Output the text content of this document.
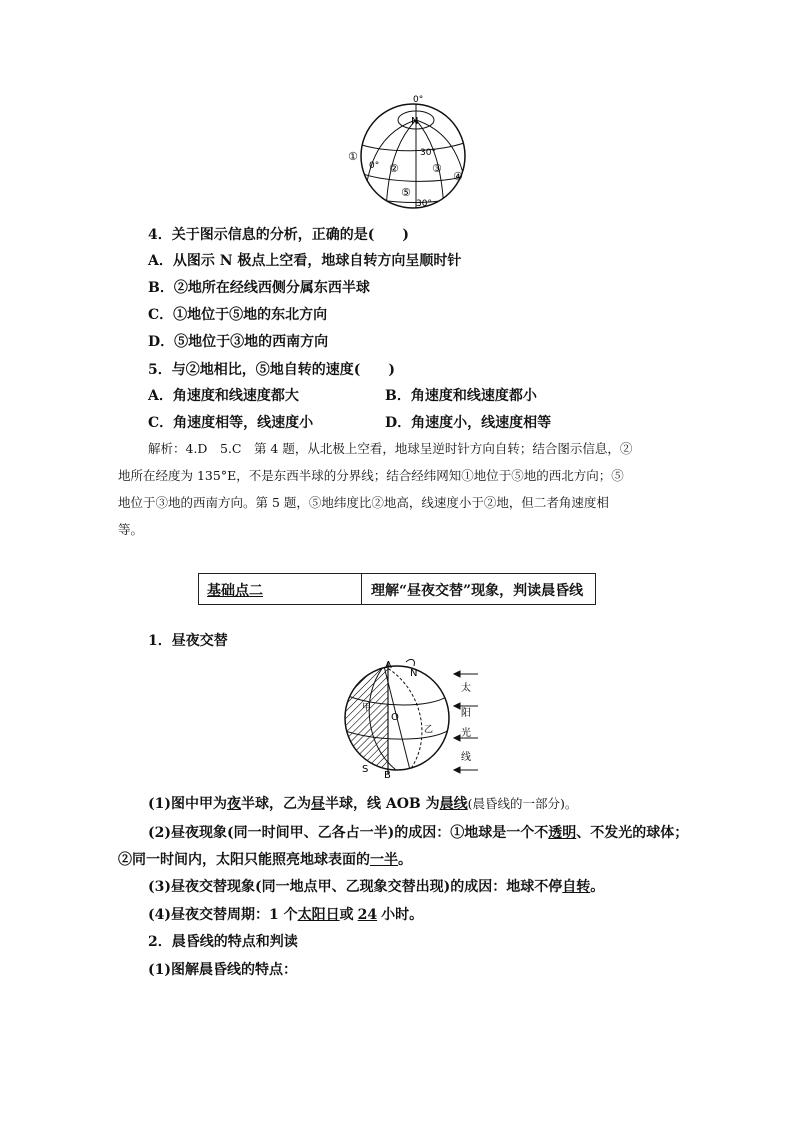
0°
N
30°
0°
30°
①
②	③
④
⑤
4．关于图示信息的分析，正确的是(　　)
A．从图示 N 极点上空看，地球自转方向呈顺时针
B．②地所在经线西侧分属东西半球
C．①地位于⑤地的东北方向
D．⑤地位于③地的西南方向
5．与②地相比，⑤地自转的速度(　　)
A．角速度和线速度都大	B．角速度和线速度都小
C．角速度相等，线速度小	D．角速度小，线速度相等
解析：4.D　5.C　第 4 题，从北极上空看，地球呈逆时针方向自转；结合图示信息，②
地所在经度为 135°E，不是东西半球的分界线；结合经纬网知①地位于⑤地的西北方向；⑤
地位于③地的西南方向。第 5 题，⑤地纬度比②地高，线速度小于②地，但二者角速度相
等。
基础点二	理解“昼夜交替”现象，判读晨昏线
1．昼夜交替
A
N
甲
O
乙
S
B
太
阳
光
线
(1)图中甲为夜半球，乙为昼半球，线 AOB 为晨线(晨昏线的一部分)。
(2)昼夜现象(同一时间甲、乙各占一半)的成因：①地球是一个不透明、不发光的球体；
②同一时间内，太阳只能照亮地球表面的一半。
(3)昼夜交替现象(同一地点甲、乙现象交替出现)的成因：地球不停自转。
(4)昼夜交替周期：1 个太阳日或 24 小时。
2．晨昏线的特点和判读
(1)图解晨昏线的特点：
